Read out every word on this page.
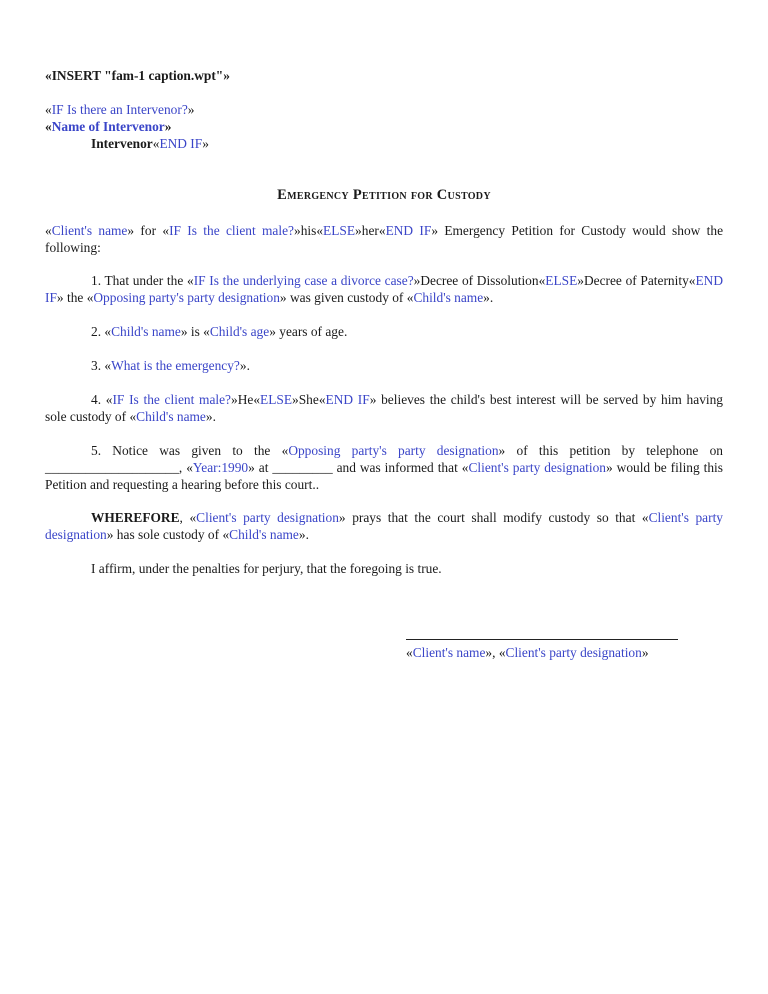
«INSERT "fam-1 caption.wpt"»
«IF Is there an Intervenor?»
«Name of Intervenor»
Intervenor«END IF»
Emergency Petition for Custody
«Client's name» for «IF Is the client male?»his«ELSE»her«END IF» Emergency Petition for Custody would show the following:
1. That under the «IF Is the underlying case a divorce case?»Decree of Dissolution«ELSE»Decree of Paternity«END IF» the «Opposing party's party designation» was given custody of «Child's name».
2. «Child's name» is «Child's age» years of age.
3. «What is the emergency?».
4. «IF Is the client male?»He«ELSE»She«END IF» believes the child's best interest will be served by him having sole custody of «Child's name».
5. Notice was given to the «Opposing party's party designation» of this petition by telephone on ____________________, «Year:1990» at _________ and was informed that «Client's party designation» would be filing this Petition and requesting a hearing before this court..
WHEREFORE, «Client's party designation» prays that the court shall modify custody so that «Client's party designation» has sole custody of «Child's name».
I affirm, under the penalties for perjury, that the foregoing is true.
«Client's name», «Client's party designation»
